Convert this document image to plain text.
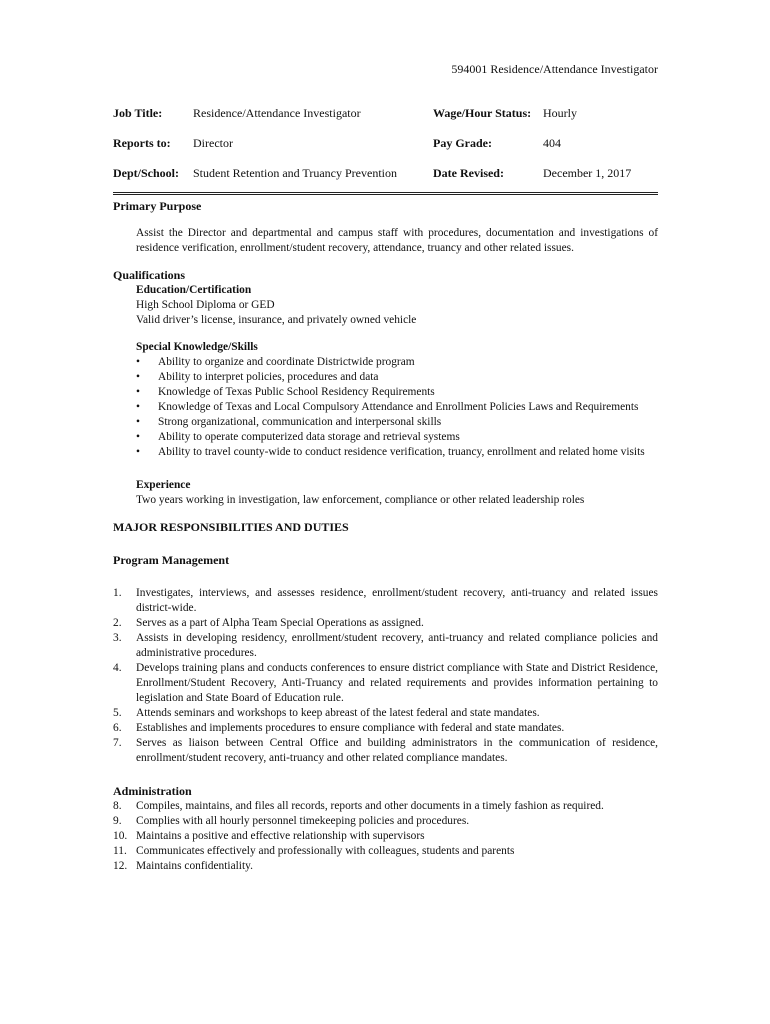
594001 Residence/Attendance Investigator
Job Title:	Residence/Attendance Investigator	Wage/Hour Status: Hourly
Reports to: Director	Pay Grade:	404
Dept/School: Student Retention and Truancy Prevention	Date Revised:	December 1, 2017

Primary Purpose

Assist the Director and departmental and campus staff with procedures, documentation and investigations of residence verification, enrollment/student recovery, attendance, truancy and other related issues.

Qualifications

Education/Certification

High School Diploma or GED

Valid driver’s license, insurance, and privately owned vehicle

Special Knowledge/Skills

• Ability to organize and coordinate Districtwide program
• Ability to interpret policies, procedures and data
• Knowledge of Texas Public School Residency Requirements
• Knowledge of Texas and Local Compulsory Attendance and Enrollment Policies Laws and Requirements
• Strong organizational, communication and interpersonal skills
• Ability to operate computerized data storage and retrieval systems
• Ability to travel county-wide to conduct residence verification, truancy, enrollment and related home visits

Experience

Two years working in investigation, law enforcement, compliance or other related leadership roles

MAJOR RESPONSIBILITIES AND DUTIES

Program Management

1. Investigates, interviews, and assesses residence, enrollment/student recovery, anti-truancy and related issues district-wide.
2. Serves as a part of Alpha Team Special Operations as assigned.
3. Assists in developing residency, enrollment/student recovery, anti-truancy and related compliance policies and administrative procedures.
4. Develops training plans and conducts conferences to ensure district compliance with State and District Residence, Enrollment/Student Recovery, Anti-Truancy and related requirements and provides information pertaining to legislation and State Board of Education rule.
5. Attends seminars and workshops to keep abreast of the latest federal and state mandates.
6. Establishes and implements procedures to ensure compliance with federal and state mandates.
7. Serves as liaison between Central Office and building administrators in the communication of residence, enrollment/student recovery, anti-truancy and other related compliance mandates.

Administration

8. Compiles, maintains, and files all records, reports and other documents in a timely fashion as required.
9. Complies with all hourly personnel timekeeping policies and procedures.
10. Maintains a positive and effective relationship with supervisors
11. Communicates effectively and professionally with colleagues, students and parents
12. Maintains confidentiality.
